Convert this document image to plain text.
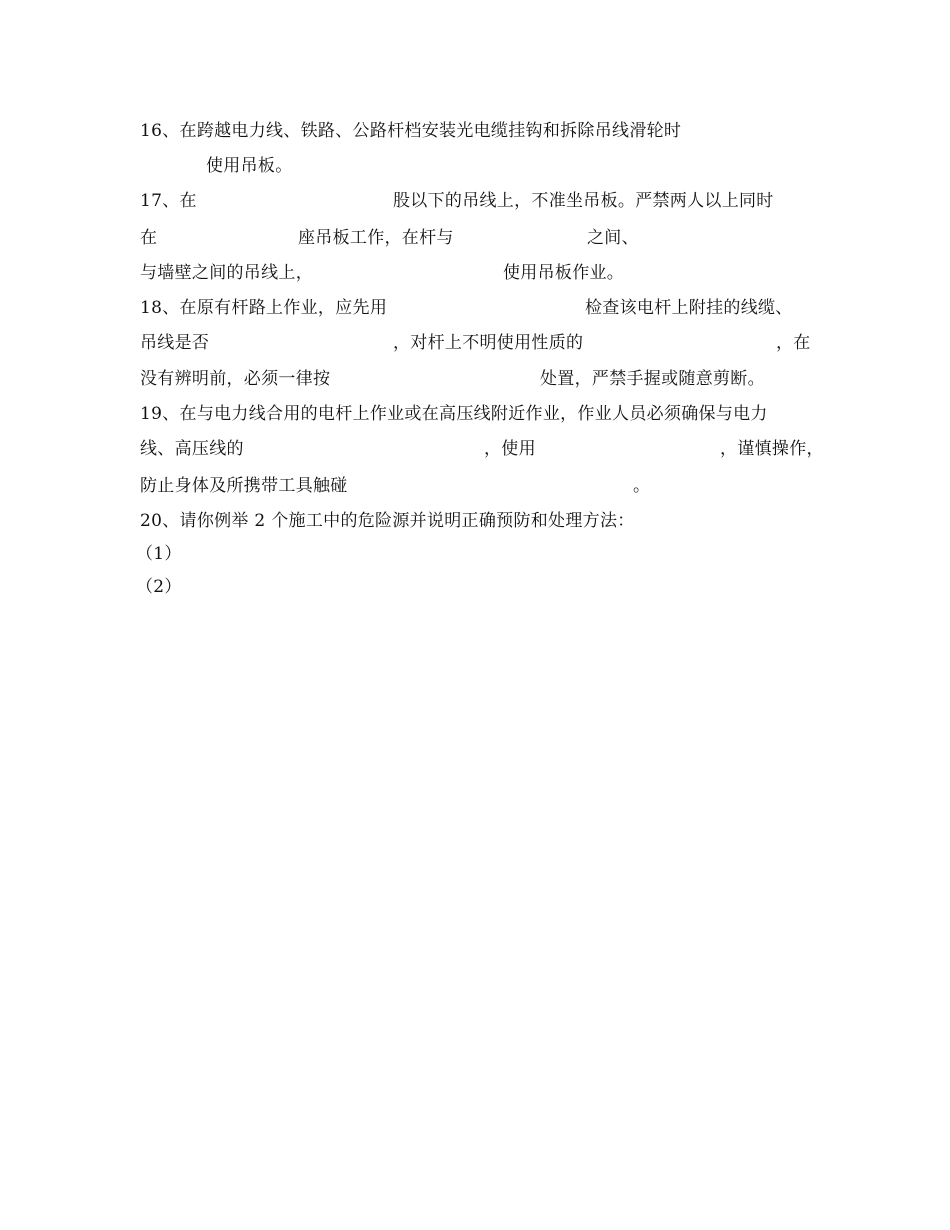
16、在跨越电力线、铁路、公路杆档安装光电缆挂钩和拆除吊线滑轮时
使用吊板。
17、在	股以下的吊线上，不准坐吊板。严禁两人以上同时
在	座吊板工作，在杆与	之间、
与墙壁之间的吊线上，	使用吊板作业。
18、在原有杆路上作业，应先用	检查该电杆上附挂的线缆、
吊线是否	，对杆上不明使用性质的	，在
没有辨明前，必须一律按	处置，严禁手握或随意剪断。
19、在与电力线合用的电杆上作业或在高压线附近作业，作业人员必须确保与电力
线、高压线的	，使用	，谨慎操作，
防止身体及所携带工具触碰	。
20、请你例举 2 个施工中的危险源并说明正确预防和处理方法：
（1）
（2）
